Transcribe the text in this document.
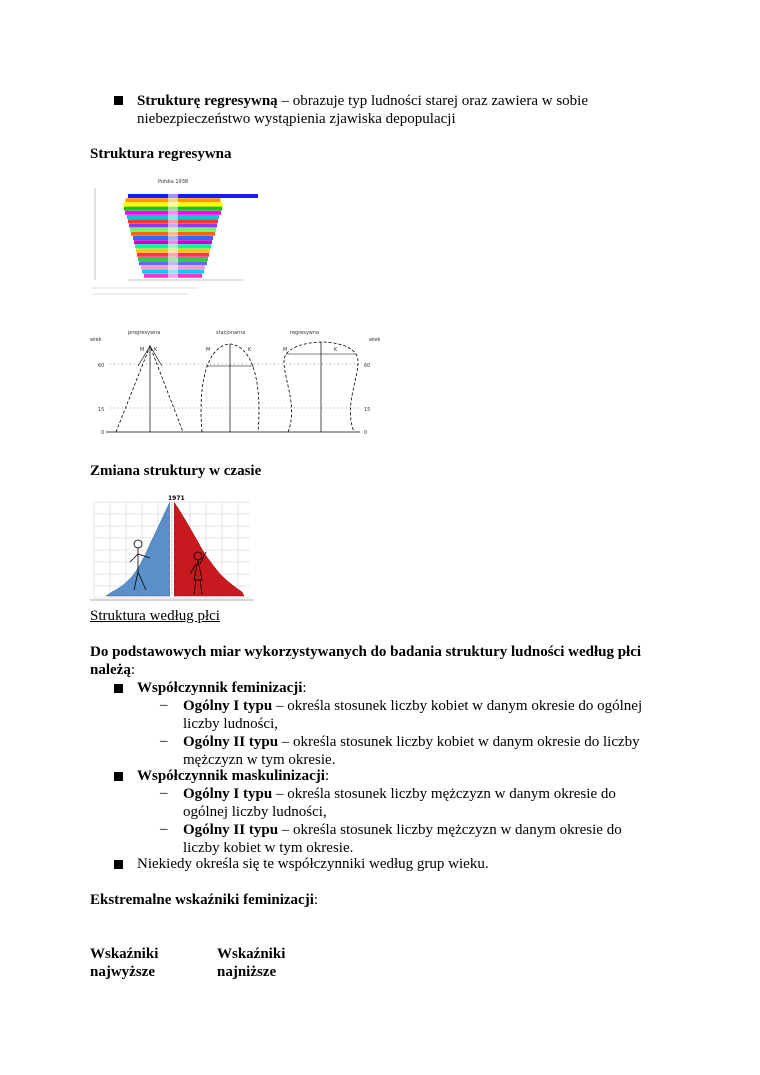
Strukturę regresywną – obrazuje typ ludności starej oraz zawiera w sobie
niebezpieczeństwo wystąpienia zjawiska depopulacji
Struktura regresywna
Polska 1938
progresywna	stacjonarna	regresywna
wiek
60
15
0
wiek
60
15
0
M K	M	K	M	K
Zmiana struktury w czasie
1971
Struktura według płci
Do podstawowych miar wykorzystywanych do badania struktury ludności według płci
należą:
Współczynnik feminizacji:
– Ogólny I typu – określa stosunek liczby kobiet w danym okresie do ogólnej
liczby ludności,
– Ogólny II typu – określa stosunek liczby kobiet w danym okresie do liczby
mężczyzn w tym okresie.
Współczynnik maskulinizacji:
– Ogólny I typu – określa stosunek liczby mężczyzn w danym okresie do
ogólnej liczby ludności,
– Ogólny II typu – określa stosunek liczby mężczyzn w danym okresie do
liczby kobiet w tym okresie.
Niekiedy określa się te współczynniki według grup wieku.
Ekstremalne wskaźniki feminizacji:
Wskaźniki
najwyższe
Wskaźniki
najniższe
